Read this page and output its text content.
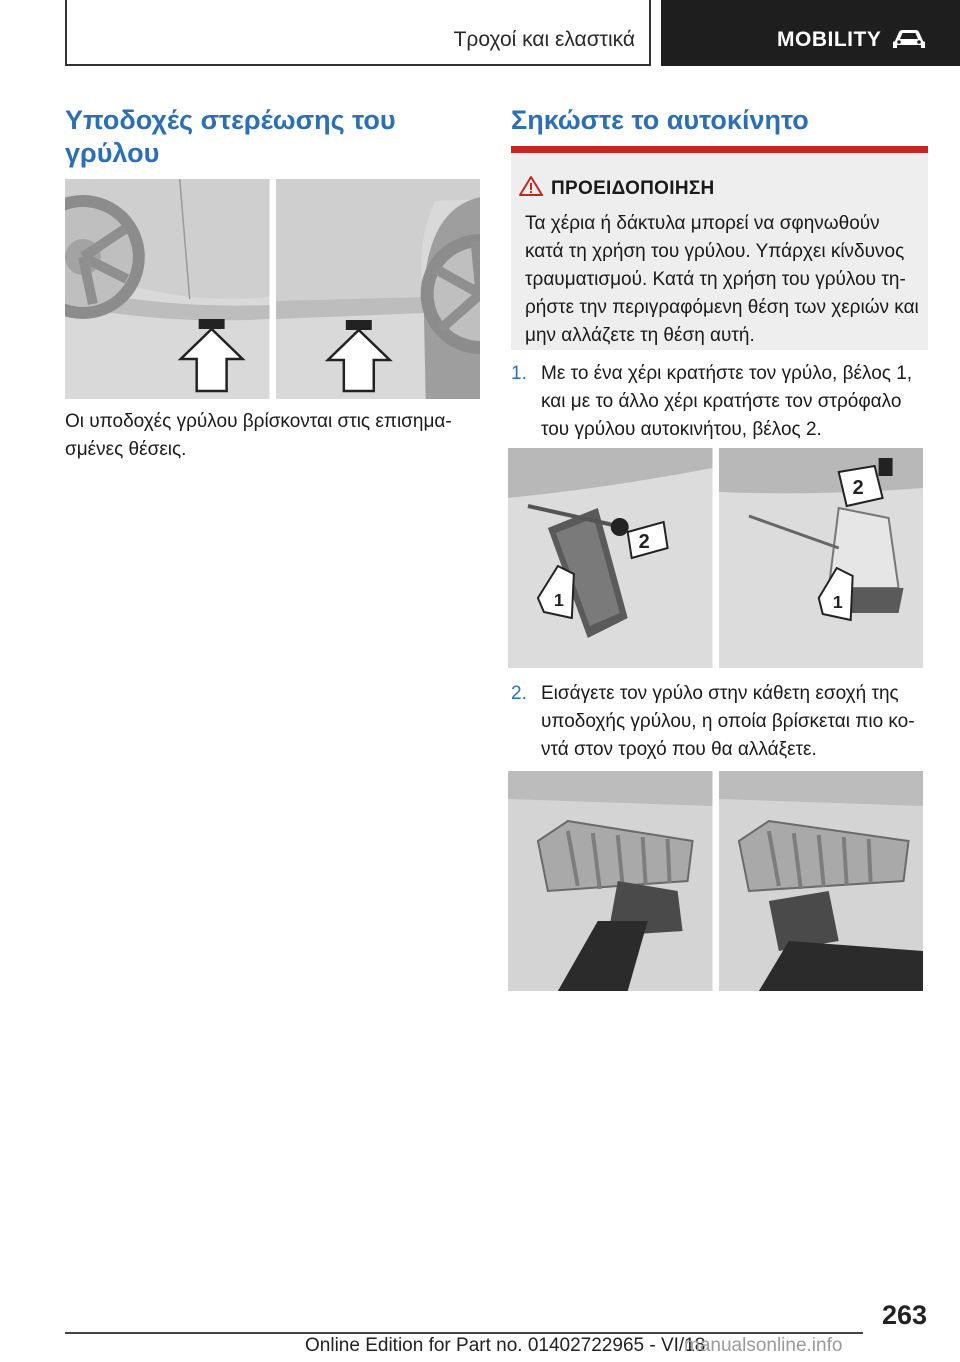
Τροχοί και ελαστικά	MOBILITY
Υποδοχές στερέωσης του γρύλου
Οι υποδοχές γρύλου βρίσκονται στις επισημασμένες θέσεις.
Σηκώστε το αυτοκίνητο
ΠΡΟΕΙΔΟΠΟΙΗΣΗ
Τα χέρια ή δάκτυλα μπορεί να σφηνωθούν κατά τη χρήση του γρύλου. Υπάρχει κίνδυνος τραυματισμού. Κατά τη χρήση του γρύλου τηρήστε την περιγραφόμενη θέση των χεριών και μην αλλάζετε τη θέση αυτή.
1. Με το ένα χέρι κρατήστε τον γρύλο, βέλος 1, και με το άλλο χέρι κρατήστε τον στρόφαλο του γρύλου αυτοκινήτου, βέλος 2.
2
1
2
1
2. Εισάγετε τον γρύλο στην κάθετη εσοχή της υποδοχής γρύλου, η οποία βρίσκεται πιο κοντά στον τροχό που θα αλλάξετε.
263
Online Edition for Part no. 01402722965 - VI/18
manualsonline.info
